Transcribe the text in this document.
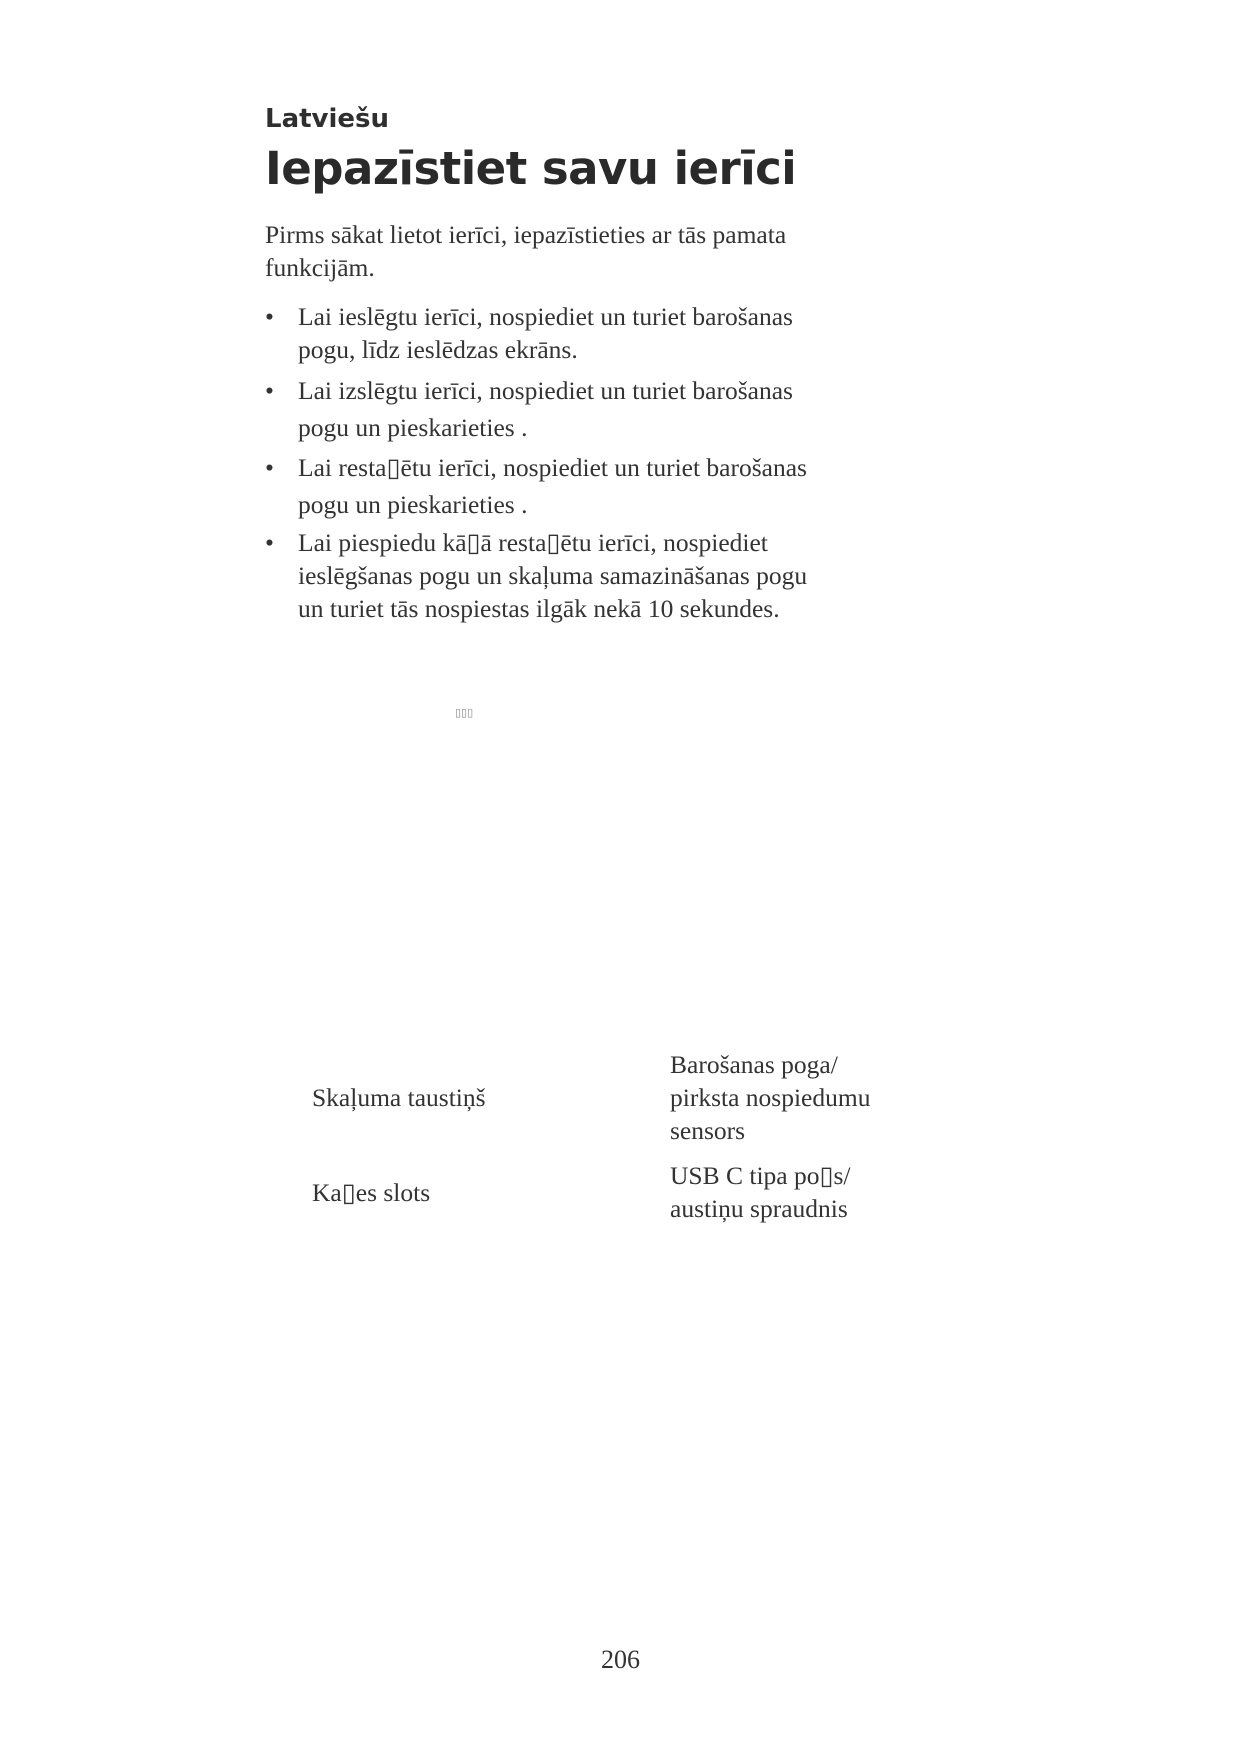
Latviešu

Iepazīstiet savu ierīci

Pirms sākat lietot ierīci, iepazīstieties ar tās pamata funkcijām.

• Lai ieslēgtu ierīci, nospiediet un turiet barošanas
pogu, līdz ieslēdzas ekrāns.
• Lai izslēgtu ierīci, nospiediet un turiet barošanas
pogu un pieskarieties .
• Lai resta▯ētu ierīci, nospiediet un turiet barošanas
pogu un pieskarieties .
• Lai piespiedu kā▯ā resta▯ētu ierīci, nospiediet
ieslēgšanas pogu un skaļuma samazināšanas pogu
un turiet tās nospiestas ilgāk nekā 10 sekundes.
▯▯▯

Skaļuma taustiņš

Barošanas poga/
pirksta nospiedumu
sensors

Ka▯es slots

USB C tipa po▯s/
austiņu spraudnis

206
